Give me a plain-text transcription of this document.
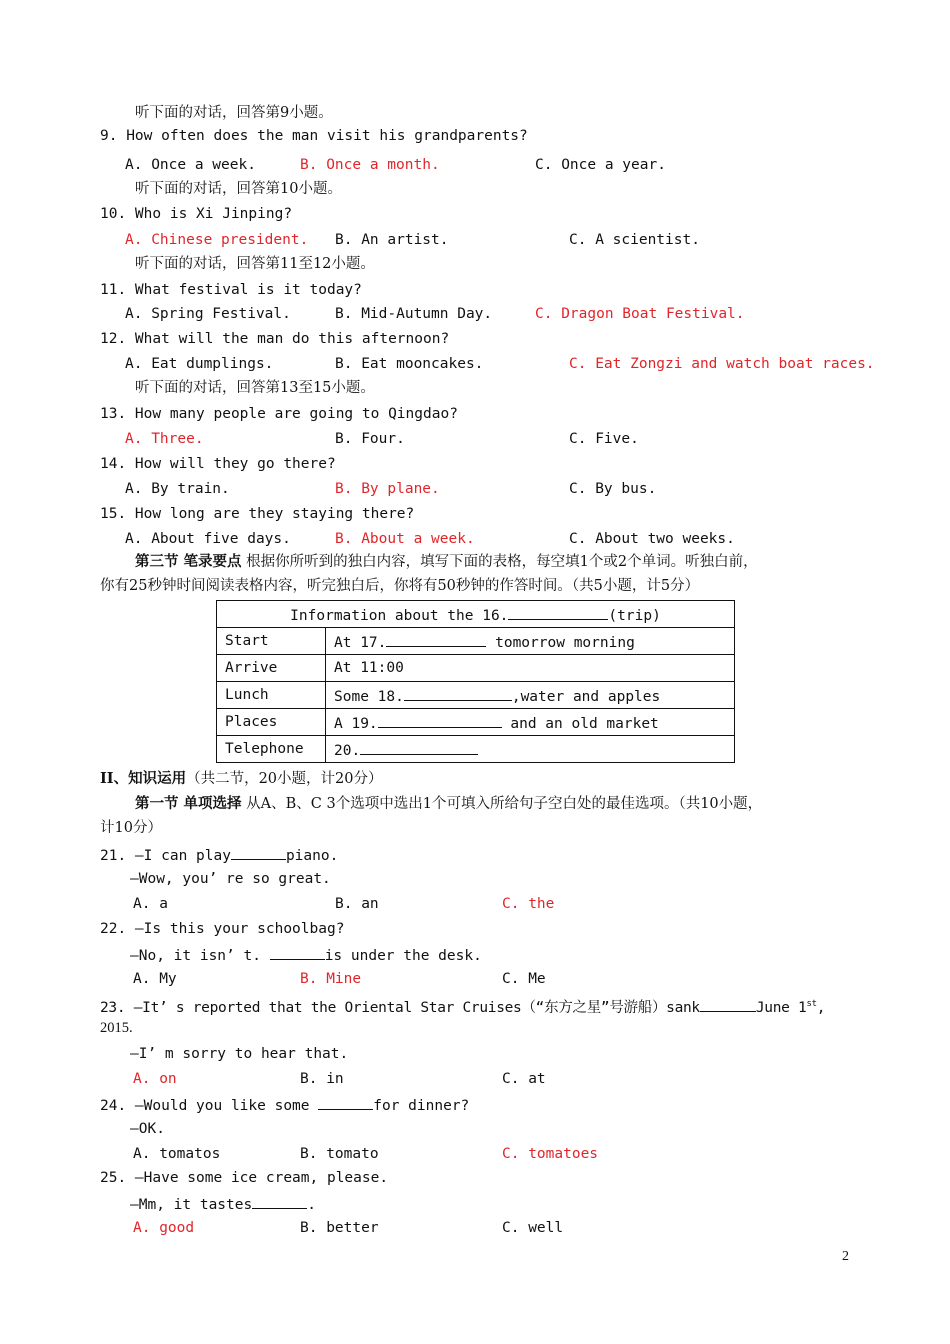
听下面的对话，回答第9小题。
9. How often does the man visit his grandparents?
A. Once a week.	B. Once a month.	C. Once a year.
听下面的对话，回答第10小题。
10. Who is Xi Jinping?
A. Chinese president. B. An artist.	C. A scientist.
听下面的对话，回答第11至12小题。
11. What festival is it today?
A. Spring Festival.	B. Mid-Autumn Day.	C. Dragon Boat Festival.
12. What will the man do this afternoon?
A. Eat dumplings.	B. Eat mooncakes.	C. Eat Zongzi and watch boat races.
听下面的对话，回答第13至15小题。
13. How many people are going to Qingdao?
A. Three.	B. Four.	C. Five.
14. How will they go there?
A. By train.	B. By plane.	C. By bus.
15. How long are they staying there?
A. About five days.	B. About a week.	C. About two weeks.
第三节 笔录要点 根据你所听到的独白内容，填写下面的表格，每空填1个或2个单词。听独白前，
你有25秒钟时间阅读表格内容，听完独白后，你将有50秒钟的作答时间。（共5小题，计5分）
Information about the 16. (trip)	
Start	At 17. tomorrow morning
Arrive	At 11:00
Lunch	Some 18. ,water and apples
Places	A 19. and an old market
Telephone	20.
II、知识运用（共二节，20小题，计20分）
第一节 单项选择 从A、B、C 3个选项中选出1个可填入所给句子空白处的最佳选项。（共10小题，
计10分）
21. —I can play	piano.
—Wow, you’ re so great.
A. a	B. an	C. the
22. —Is this your schoolbag?
—No, it isn’ t.	is under the desk.
A. My	B. Mine	C. Me
23. —It’ s reported that the Oriental Star Cruises（“东方之星”号游船）sank	June 1st,
2015.
—I’ m sorry to hear that.
A. on	B. in	C. at
24. —Would you like some	for dinner?
—OK.
A. tomatos	B. tomato	C. tomatoes
25. —Have some ice cream, please.
—Mm, it tastes	.
A. good	B. better	C. well
2
